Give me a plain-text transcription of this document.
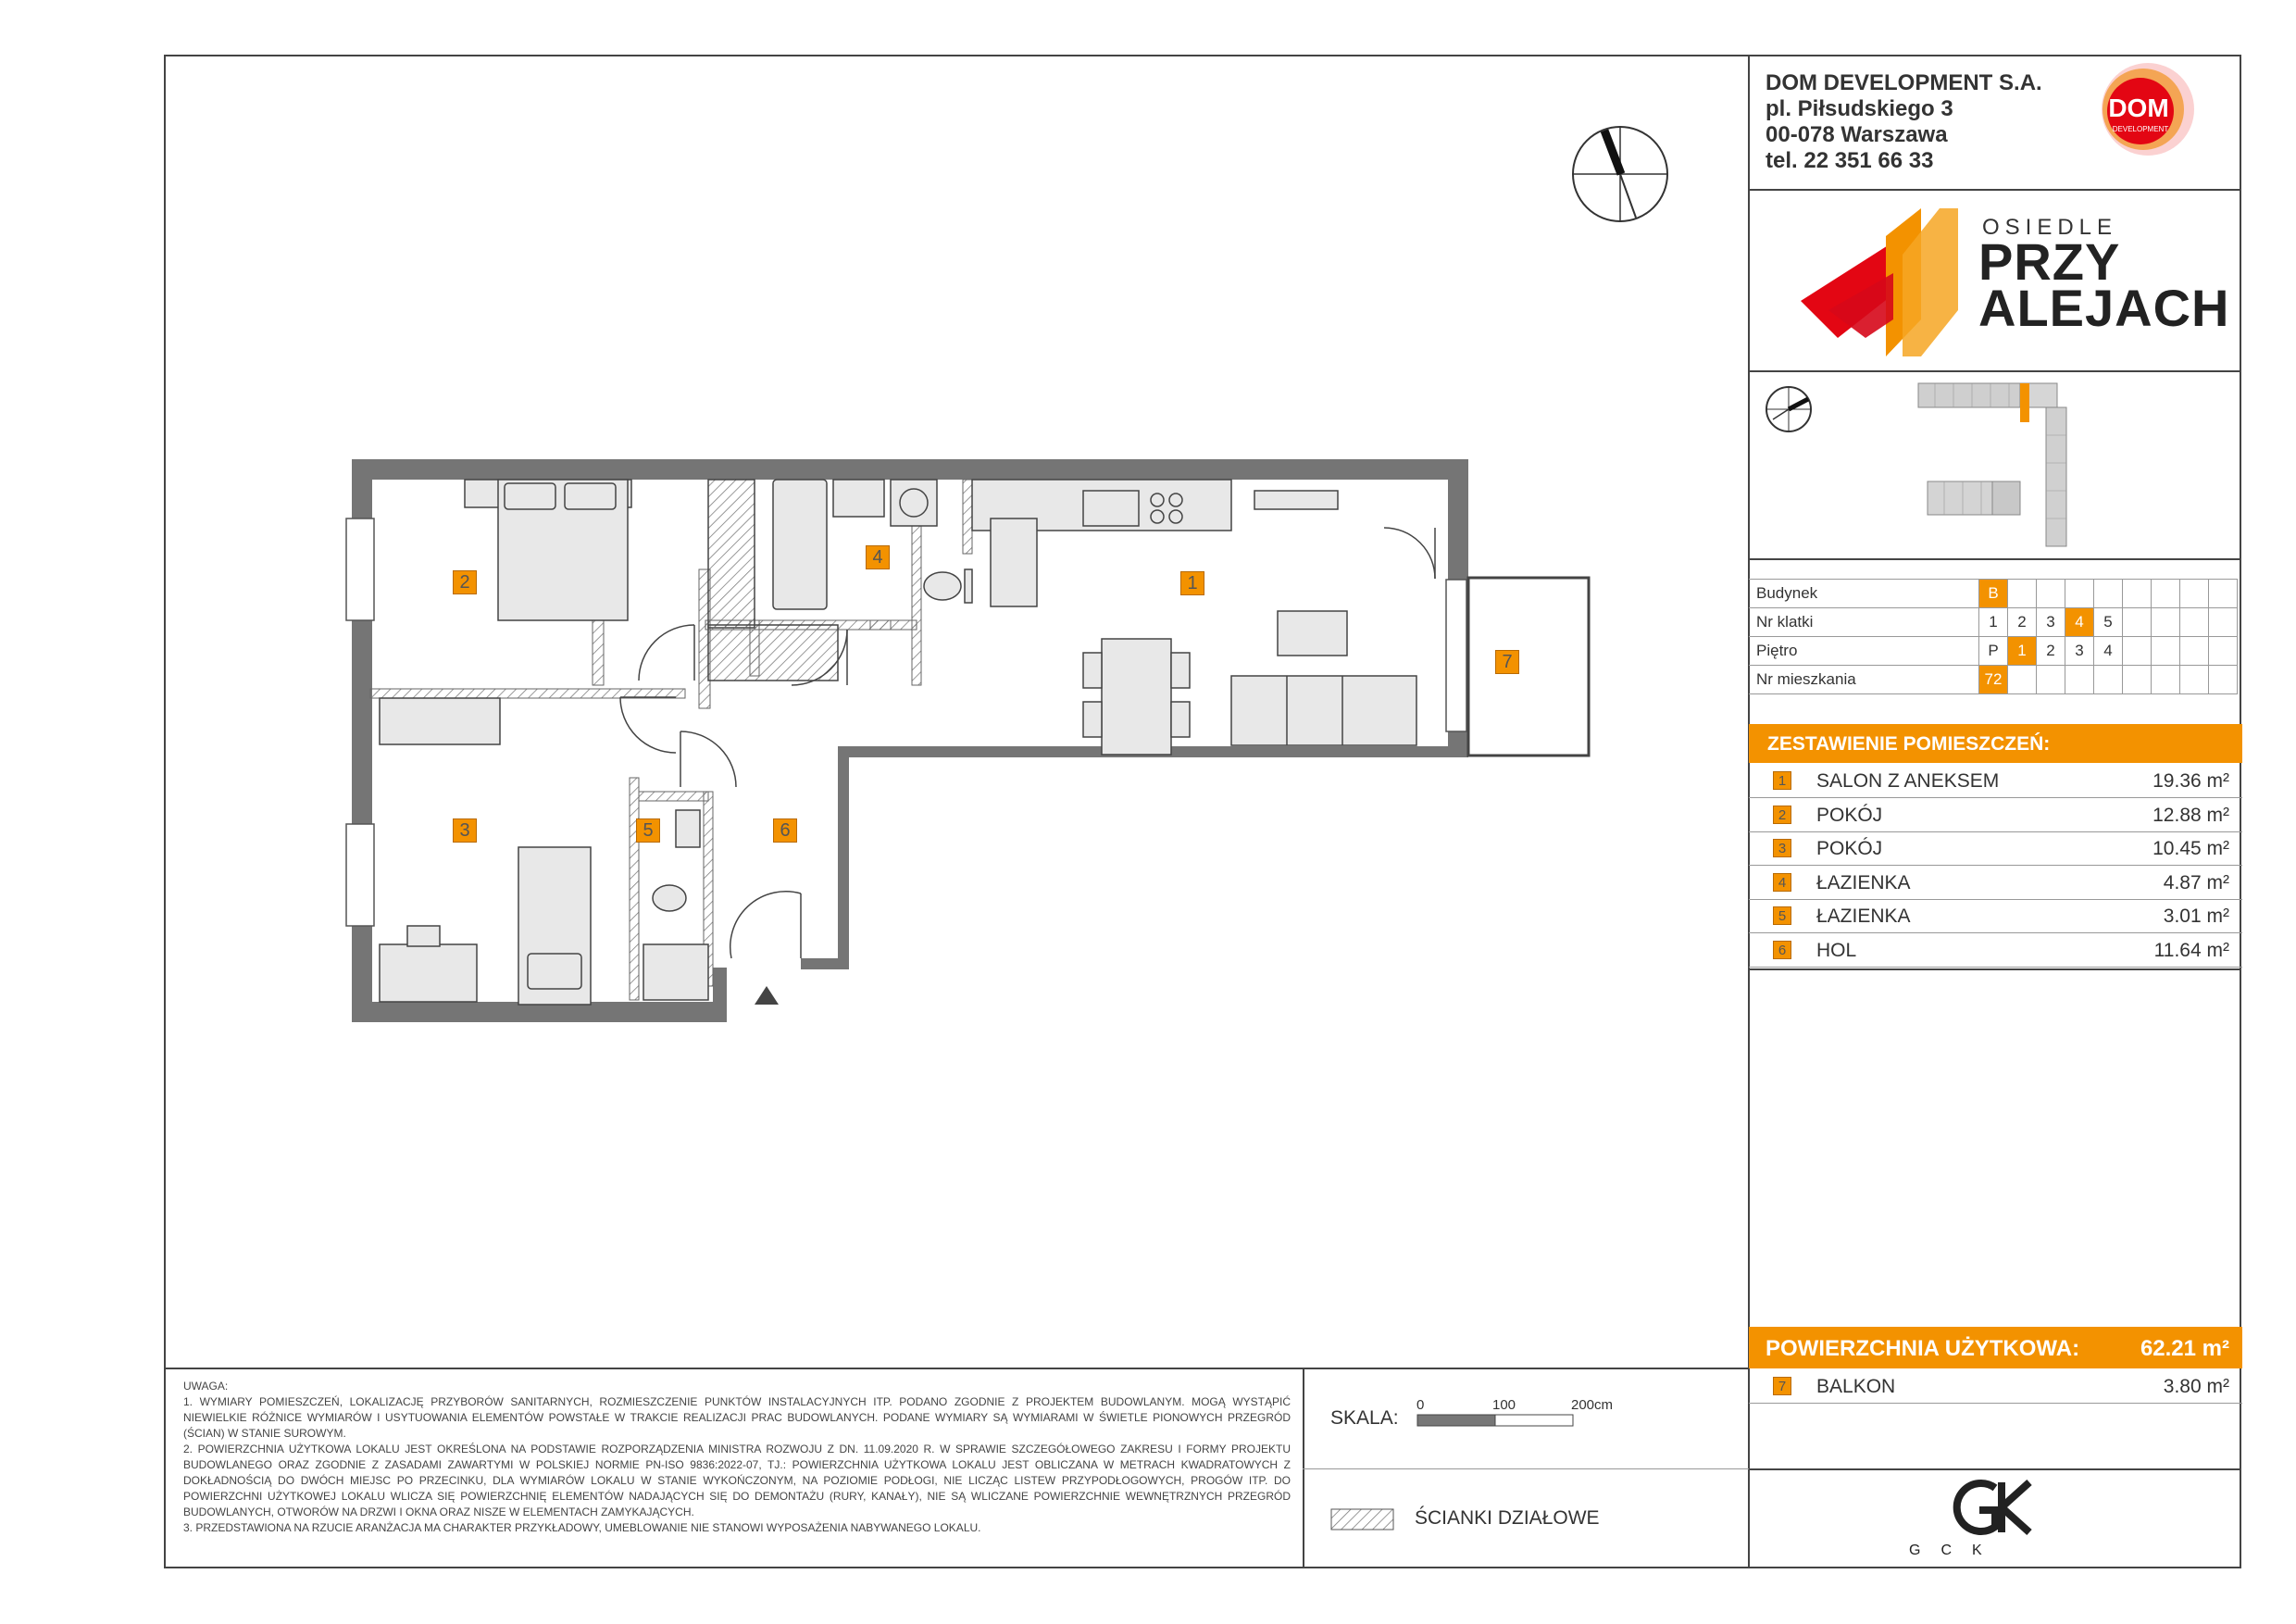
DOM DEVELOPMENT S.A.
pl. Piłsudskiego 3
00-078 Warszawa
tel. 22 351 66 33
DOM
DEVELOPMENT
OSIEDLE
PRZY
ALEJACH
Budynek	B								
Nr klatki	1	2	3	4	5				
Piętro	P	1	2	3	4				
Nr mieszkania	72								
ZESTAWIENIE POMIESZCZEŃ:
1 SALON Z ANEKSEM	19.36 m²
2 POKÓJ	12.88 m²
3 POKÓJ	10.45 m²
4 ŁAZIENKA	4.87 m²
5 ŁAZIENKA	3.01 m²
6 HOL	11.64 m²
POWIERZCHNIA UŻYTKOWA:	62.21 m²
7 BALKON	3.80 m²
1
2
3
4
5	6
7

UWAGA:

1. WYMIARY POMIESZCZEŃ, LOKALIZACJĘ PRZYBORÓW SANITARNYCH, ROZMIESZCZENIE PUNKTÓW INSTALACYJNYCH ITP. PODANO ZGODNIE Z PROJEKTEM BUDOWLANYM. MOGĄ WYSTĄPIĆ NIEWIELKIE RÓŻNICE WYMIARÓW I USYTUOWANIA ELEMENTÓW POWSTAŁE W TRAKCIE REALIZACJI PRAC BUDOWLANYCH. PODANE WYMIARY SĄ WYMIARAMI W ŚWIETLE PIONOWYCH PRZEGRÓD (ŚCIAN) W STANIE SUROWYM.

2. POWIERZCHNIA UŻYTKOWA LOKALU JEST OKREŚLONA NA PODSTAWIE ROZPORZĄDZENIA MINISTRA ROZWOJU Z DN. 11.09.2020 R. W SPRAWIE SZCZEGÓŁOWEGO ZAKRESU I FORMY PROJEKTU BUDOWLANEGO ORAZ ZGODNIE Z ZASADAMI ZAWARTYMI W POLSKIEJ NORMIE PN-ISO 9836:2022-07, TJ.: POWIERZCHNIA UŻYTKOWA LOKALU JEST OBLICZANA W METRACH KWADRATOWYCH Z DOKŁADNOŚCIĄ DO DWÓCH MIEJSC PO PRZECINKU, DLA WYMIARÓW LOKALU W STANIE WYKOŃCZONYM, NA POZIOMIE PODŁOGI, NIE LICZĄC LISTEW PRZYPODŁOGOWYCH, PROGÓW ITP. DO POWIERZCHNI UŻYTKOWEJ LOKALU WLICZA SIĘ POWIERZCHNIĘ ELEMENTÓW NADAJĄCYCH SIĘ DO DEMONTAŻU (RURY, KANAŁY), NIE SĄ WLICZANE POWIERZCHNIE WEWNĘTRZNYCH PRZEGRÓD BUDOWLANYCH, OTWORÓW NA DRZWI I OKNA ORAZ NISZE W ELEMENTACH ZAMYKAJĄCYCH.

3. PRZEDSTAWIONA NA RZUCIE ARANŻACJA MA CHARAKTER PRZYKŁADOWY, UMEBLOWANIE NIE STANOWI WYPOSAŻENIA NABYWANEGO LOKALU.

SKALA:
0	100	200cm
ŚCIANKI DZIAŁOWE
GCK
